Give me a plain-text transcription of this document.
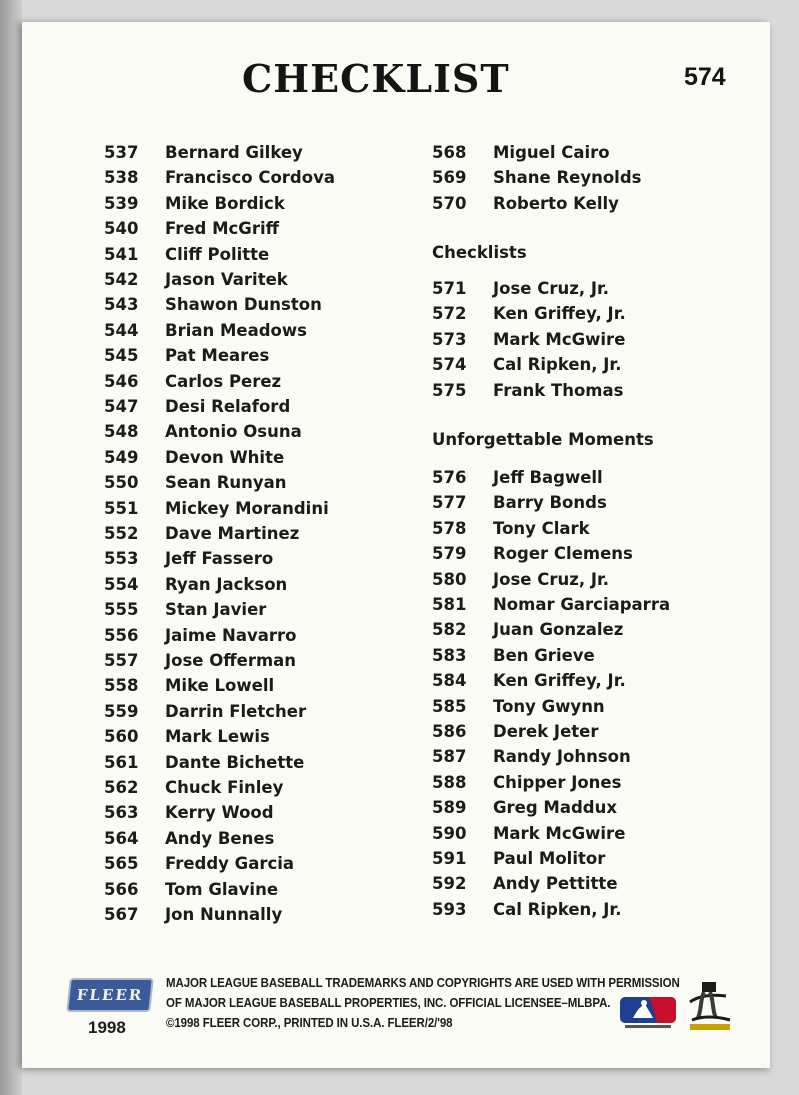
CHECKLIST	574
537 Bernard Gilkey
538 Francisco Cordova
539 Mike Bordick
540 Fred McGriff
541 Cliff Politte
542 Jason Varitek
543 Shawon Dunston
544 Brian Meadows
545 Pat Meares
546 Carlos Perez
547 Desi Relaford
548 Antonio Osuna
549 Devon White
550 Sean Runyan
551 Mickey Morandini
552 Dave Martinez
553 Jeff Fassero
554 Ryan Jackson
555 Stan Javier
556 Jaime Navarro
557 Jose Offerman
558 Mike Lowell
559 Darrin Fletcher
560 Mark Lewis
561 Dante Bichette
562 Chuck Finley
563 Kerry Wood
564 Andy Benes
565 Freddy Garcia
566 Tom Glavine
567 Jon Nunnally
568 Miguel Cairo
569 Shane Reynolds
570 Roberto Kelly
571 Jose Cruz, Jr.
572 Ken Griffey, Jr.
573 Mark McGwire
574 Cal Ripken, Jr.
575 Frank Thomas
576 Jeff Bagwell
577 Barry Bonds
578 Tony Clark
579 Roger Clemens
580 Jose Cruz, Jr.
581 Nomar Garciaparra
582 Juan Gonzalez
583 Ben Grieve
584 Ken Griffey, Jr.
585 Tony Gwynn
586 Derek Jeter
587 Randy Johnson
588 Chipper Jones
589 Greg Maddux
590 Mark McGwire
591 Paul Molitor
592 Andy Pettitte
593 Cal Ripken, Jr.
Checklists
Unforgettable Moments
FLEER
1998
MAJOR LEAGUE BASEBALL TRADEMARKS AND COPYRIGHTS ARE USED WITH PERMISSION
OF MAJOR LEAGUE BASEBALL PROPERTIES, INC. OFFICIAL LICENSEE–MLBPA.
©1998 FLEER CORP., PRINTED IN U.S.A. FLEER/2/'98
